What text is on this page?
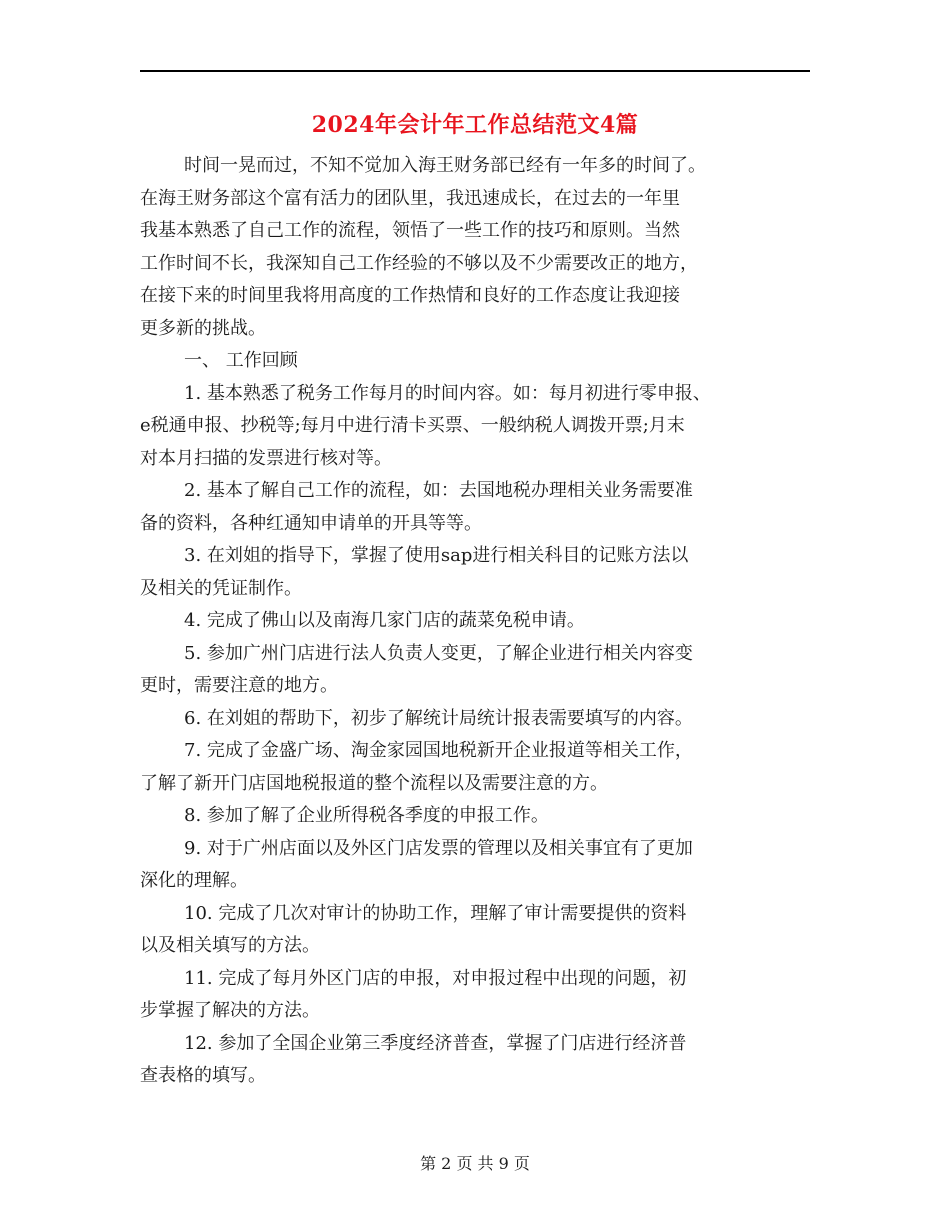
2024年会计年工作总结范文4篇
时间一晃而过，不知不觉加入海王财务部已经有一年多的时间了。
在海王财务部这个富有活力的团队里，我迅速成长，在过去的一年里
我基本熟悉了自己工作的流程，领悟了一些工作的技巧和原则。当然
工作时间不长，我深知自己工作经验的不够以及不少需要改正的地方，
在接下来的时间里我将用高度的工作热情和良好的工作态度让我迎接
更多新的挑战。
一、 工作回顾
1. 基本熟悉了税务工作每月的时间内容。如：每月初进行零申报、
e税通申报、抄税等;每月中进行清卡买票、一般纳税人调拨开票;月末
对本月扫描的发票进行核对等。
2. 基本了解自己工作的流程，如：去国地税办理相关业务需要准
备的资料，各种红通知申请单的开具等等。
3. 在刘姐的指导下，掌握了使用sap进行相关科目的记账方法以
及相关的凭证制作。
4. 完成了佛山以及南海几家门店的蔬菜免税申请。
5. 参加广州门店进行法人负责人变更，了解企业进行相关内容变
更时，需要注意的地方。
6. 在刘姐的帮助下，初步了解统计局统计报表需要填写的内容。
7. 完成了金盛广场、淘金家园国地税新开企业报道等相关工作，
了解了新开门店国地税报道的整个流程以及需要注意的方。
8. 参加了解了企业所得税各季度的申报工作。
9. 对于广州店面以及外区门店发票的管理以及相关事宜有了更加
深化的理解。
10. 完成了几次对审计的协助工作，理解了审计需要提供的资料
以及相关填写的方法。
11. 完成了每月外区门店的申报，对申报过程中出现的问题，初
步掌握了解决的方法。
12. 参加了全国企业第三季度经济普查，掌握了门店进行经济普
查表格的填写。
第 2 页 共 9 页
